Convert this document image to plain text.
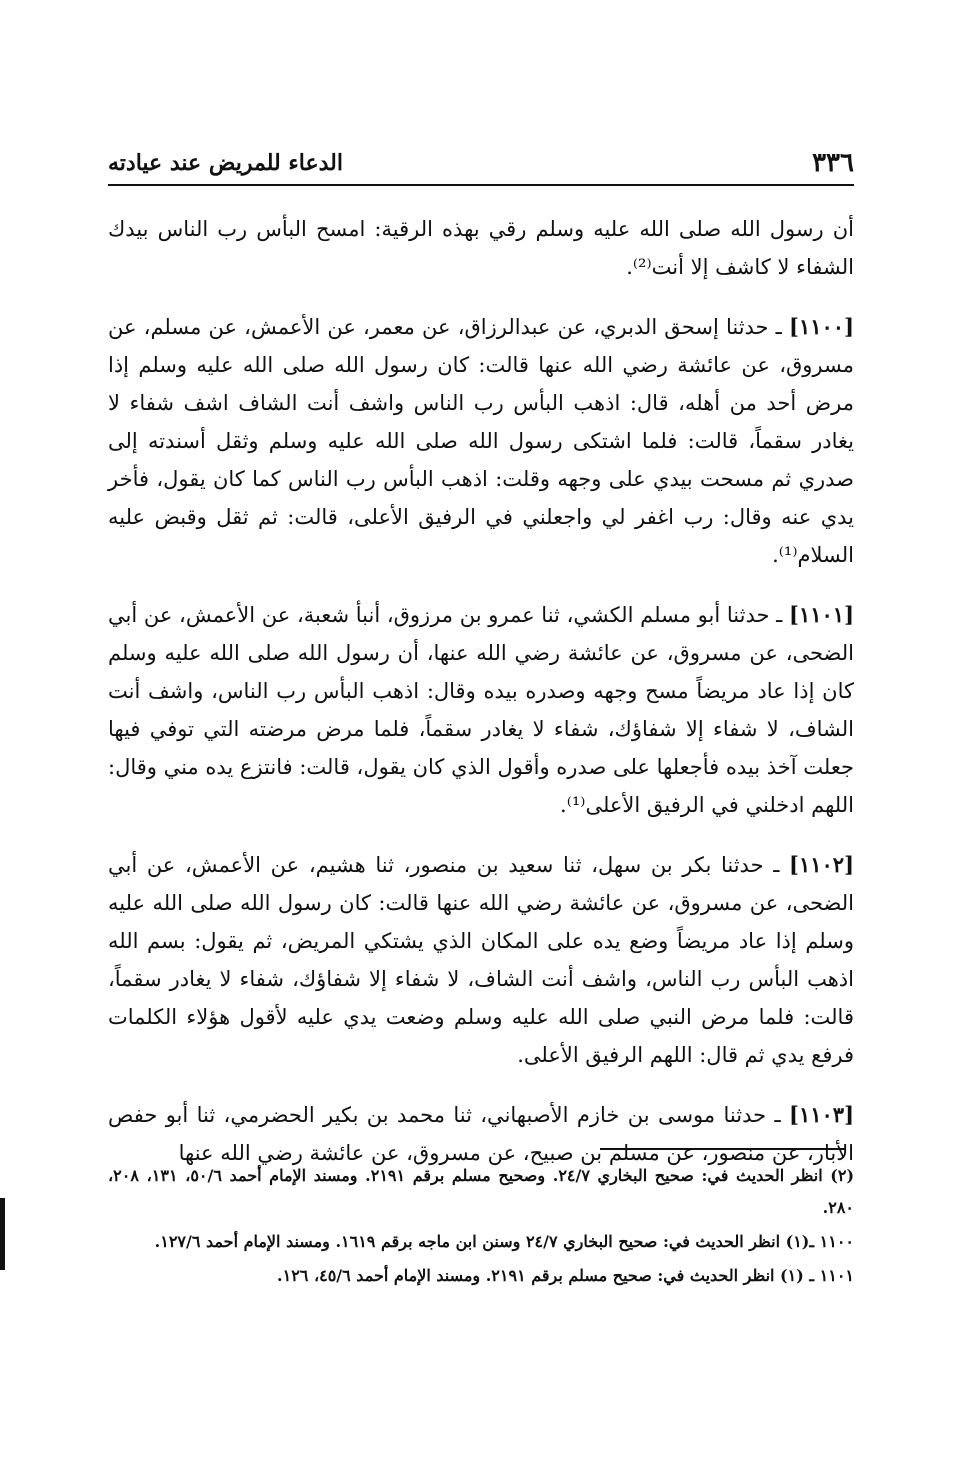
٣٣٦
الدعاء للمريض عند عيادته

أن رسول الله صلى الله عليه وسلم رقي بهذه الرقية: امسح البأس رب الناس بيدك الشفاء لا كاشف إلا أنت⁽²⁾.

[١١٠٠] ـ حدثنا إسحق الدبري، عن عبدالرزاق، عن معمر، عن الأعمش، عن مسلم، عن مسروق، عن عائشة رضي الله عنها قالت: كان رسول الله صلى الله عليه وسلم إذا مرض أحد من أهله، قال: اذهب البأس رب الناس واشف أنت الشاف اشف شفاء لا يغادر سقماً، قالت: فلما اشتكى رسول الله صلى الله عليه وسلم وثقل أسندته إلى صدري ثم مسحت بيدي على وجهه وقلت: اذهب البأس رب الناس كما كان يقول، فأخر يدي عنه وقال: رب اغفر لي واجعلني في الرفيق الأعلى، قالت: ثم ثقل وقبض عليه السلام⁽¹⁾.

[١١٠١] ـ حدثنا أبو مسلم الكشي، ثنا عمرو بن مرزوق، أنبأ شعبة، عن الأعمش، عن أبي الضحى، عن مسروق، عن عائشة رضي الله عنها، أن رسول الله صلى الله عليه وسلم كان إذا عاد مريضاً مسح وجهه وصدره بيده وقال: اذهب البأس رب الناس، واشف أنت الشاف، لا شفاء إلا شفاؤك، شفاء لا يغادر سقماً، فلما مرض مرضته التي توفي فيها جعلت آخذ بيده فأجعلها على صدره وأقول الذي كان يقول، قالت: فانتزع يده مني وقال: اللهم ادخلني في الرفيق الأعلى⁽¹⁾.

[١١٠٢] ـ حدثنا بكر بن سهل، ثنا سعيد بن منصور، ثنا هشيم، عن الأعمش، عن أبي الضحى، عن مسروق، عن عائشة رضي الله عنها قالت: كان رسول الله صلى الله عليه وسلم إذا عاد مريضاً وضع يده على المكان الذي يشتكي المريض، ثم يقول: بسم الله اذهب البأس رب الناس، واشف أنت الشاف، لا شفاء إلا شفاؤك، شفاء لا يغادر سقماً، قالت: فلما مرض النبي صلى الله عليه وسلم وضعت يدي عليه لأقول هؤلاء الكلمات فرفع يدي ثم قال: اللهم الرفيق الأعلى.

[١١٠٣] ـ حدثنا موسى بن خازم الأصبهاني، ثنا محمد بن بكير الحضرمي، ثنا أبو حفص الأبار، عن منصور، عن مسلم بن صبيح، عن مسروق، عن عائشة رضي الله عنها

(٢) انظر الحديث في: صحيح البخاري ٢٤/٧. وصحيح مسلم برقم ٢١٩١. ومسند الإمام أحمد ٥٠/٦، ١٣١، ٢٠٨، ٢٨٠.

١١٠٠ ـ(١) انظر الحديث في: صحيح البخاري ٢٤/٧ وسنن ابن ماجه برقم ١٦١٩. ومسند الإمام أحمد ١٢٧/٦.

١١٠١ ـ (١) انظر الحديث في: صحيح مسلم برقم ٢١٩١. ومسند الإمام أحمد ٤٥/٦، ١٢٦.
